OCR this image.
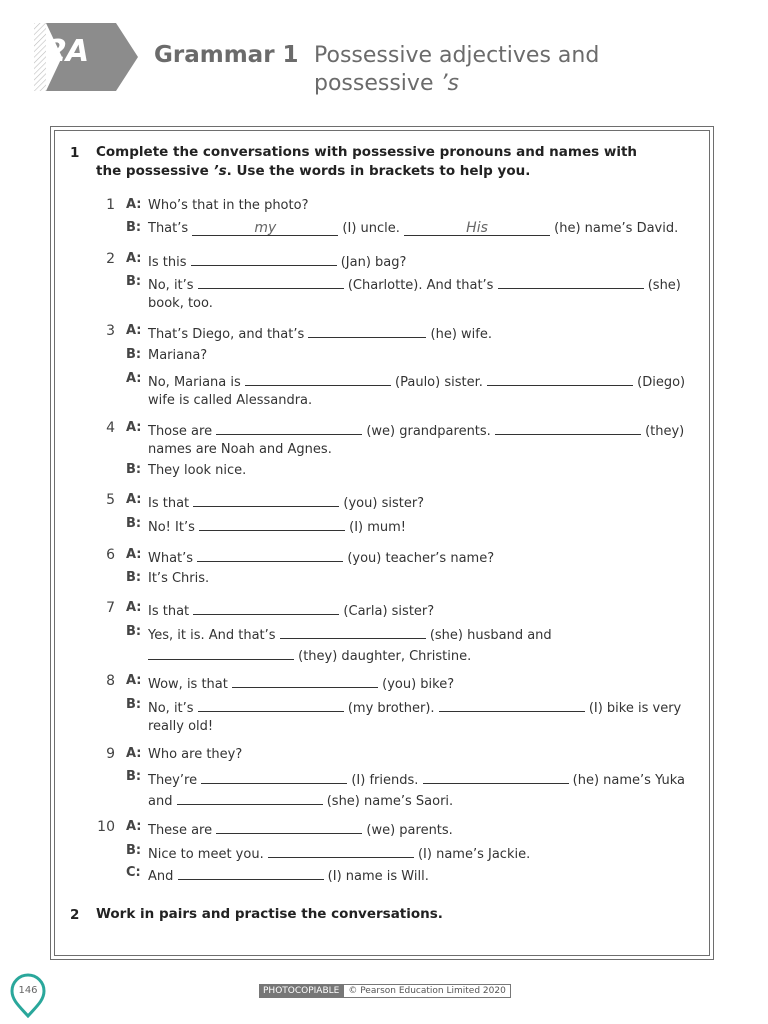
2A	Grammar 1 Possessive adjectives and
possessive ’s
1 Complete the conversations with possessive pronouns and names with the possessive ’s. Use the words in brackets to help you.
1 A: Who’s that in the photo?
B: That’s	my	(I) uncle.	His	(he) name’s David.
2 A: Is this	(Jan) bag?
B: No, it’s	(Charlotte). And that’s	(she) book, too.
3 A: That’s Diego, and that’s	(he) wife.
B: Mariana?
A: No, Mariana is	(Paulo) sister.	(Diego) wife is called Alessandra.
4 A: Those are	(we) grandparents.	(they) names are Noah and Agnes.
B: They look nice.
5 A: Is that	(you) sister?
B: No! It’s	(I) mum!
6 A: What’s	(you) teacher’s name?
B: It’s Chris.
7 A: Is that	(Carla) sister?
B: Yes, it is. And that’s	(she) husband and  (they) daughter, Christine.
8 A: Wow, is that	(you) bike?
B: No, it’s	(my brother).	(I) bike is very really old!
9 A: Who are they?
B: They’re	(I) friends.	(he) name’s Yuka and	(she) name’s Saori.
10 A: These are	(we) parents.
B: Nice to meet you.	(I) name’s Jackie.
C: And	(I) name is Will.
2 Work in pairs and practise the conversations.
PHOTOCOPIABLE	© Pearson Education Limited 2020
146
